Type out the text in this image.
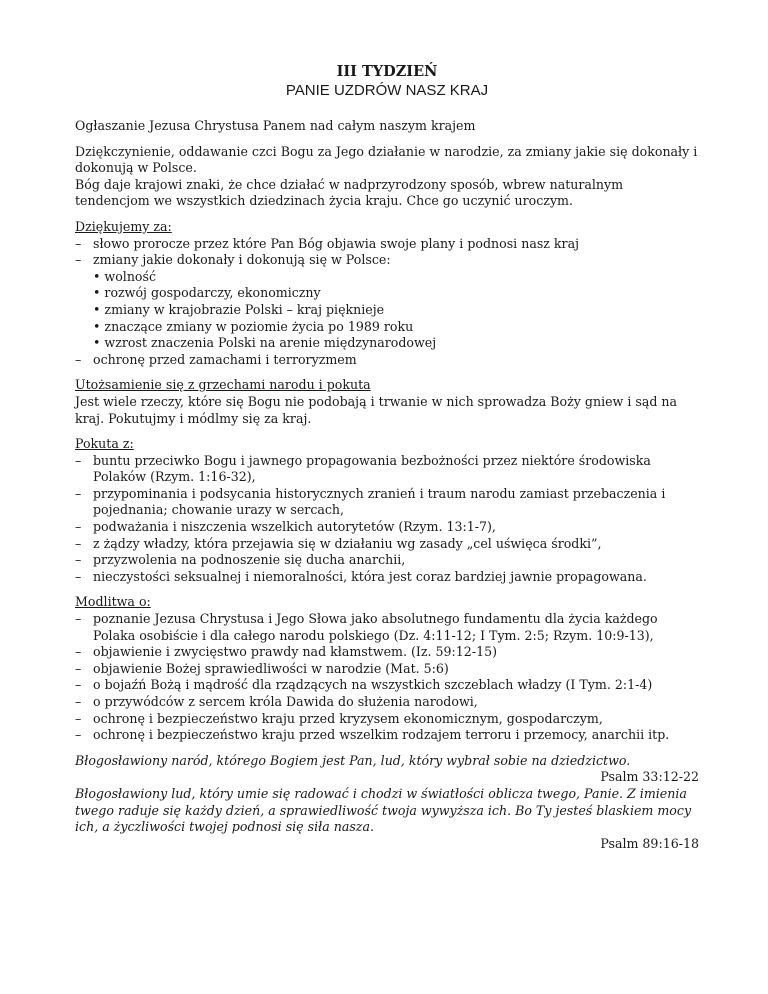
III TYDZIEŃ
PANIE UZDRÓW NASZ KRAJ

Ogłaszanie Jezusa Chrystusa Panem nad całym naszym krajem

Dziękczynienie, oddawanie czci Bogu za Jego działanie w narodzie, za zmiany jakie się dokonały i dokonują w Polsce.

Bóg daje krajowi znaki, że chce działać w nadprzyrodzony sposób, wbrew naturalnym tendencjom we wszystkich dziedzinach życia kraju. Chce go uczynić uroczym.

Dziękujemy za:

– słowo prorocze przez które Pan Bóg objawia swoje plany i podnosi nasz kraj
– zmiany jakie dokonały i dokonują się w Polsce:
• wolność
• rozwój gospodarczy, ekonomiczny
• zmiany w krajobrazie Polski – kraj pięknieje
• znaczące zmiany w poziomie życia po 1989 roku
• wzrost znaczenia Polski na arenie międzynarodowej
– ochronę przed zamachami i terroryzmem

Utożsamienie się z grzechami narodu i pokuta

Jest wiele rzeczy, które się Bogu nie podobają i trwanie w nich sprowadza Boży gniew i sąd na kraj. Pokutujmy i módlmy się za kraj.

Pokuta z:

– buntu przeciwko Bogu i jawnego propagowania bezbożności przez niektóre środowiska Polaków (Rzym. 1:16-32),
– przypominania i podsycania historycznych zranień i traum narodu zamiast przebaczenia i pojednania; chowanie urazy w sercach,
– podważania i niszczenia wszelkich autorytetów (Rzym. 13:1-7),
– z żądzy władzy, która przejawia się w działaniu wg zasady „cel uświęca środki”,
– przyzwolenia na podnoszenie się ducha anarchii,
– nieczystości seksualnej i niemoralności, która jest coraz bardziej jawnie propagowana.

Modlitwa o:

– poznanie Jezusa Chrystusa i Jego Słowa jako absolutnego fundamentu dla życia każdego Polaka osobiście i dla całego narodu polskiego (Dz. 4:11-12; I Tym. 2:5; Rzym. 10:9-13),
– objawienie i zwycięstwo prawdy nad kłamstwem. (Iz. 59:12-15)
– objawienie Bożej sprawiedliwości w narodzie (Mat. 5:6)
– o bojaźń Bożą i mądrość dla rządzących na wszystkich szczeblach władzy (I Tym. 2:1-4)
– o przywódców z sercem króla Dawida do służenia narodowi,
– ochronę i bezpieczeństwo kraju przed kryzysem ekonomicznym, gospodarczym,
– ochronę i bezpieczeństwo kraju przed wszelkim rodzajem terroru i przemocy, anarchii itp.

Błogosławiony naród, którego Bogiem jest Pan, lud, który wybrał sobie na dziedzictwo.

Psalm 33:12-22

Błogosławiony lud, który umie się radować i chodzi w światłości oblicza twego, Panie. Z imienia twego raduje się każdy dzień, a sprawiedliwość twoja wywyższa ich. Bo Ty jesteś blaskiem mocy ich, a życzliwości twojej podnosi się siła nasza.

Psalm 89:16-18
